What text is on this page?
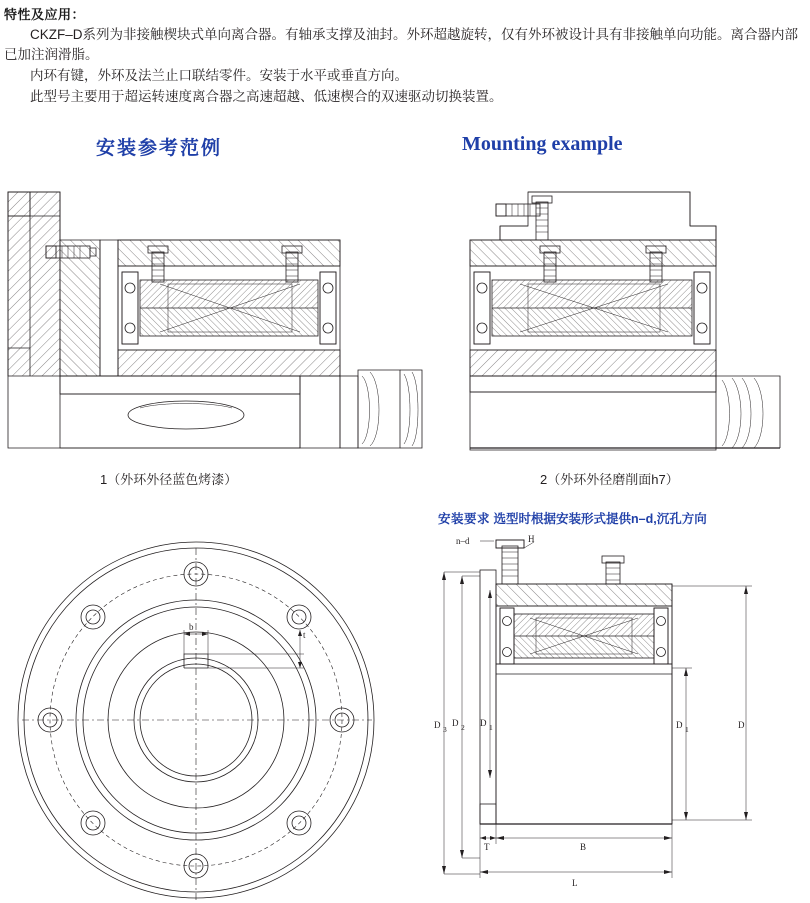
特性及应用：
CKZF–D系列为非接触楔块式单向离合器。有轴承支撑及油封。外环超越旋转，仅有外环被设计具有非接触单向功能。离合器内部已加注润滑脂。
内环有键，外环及法兰止口联结零件。安装于水平或垂直方向。
此型号主要用于超运转速度离合器之高速超越、低速楔合的双速驱动切换装置。
安装参考范例	Mounting example
1（外环外径蓝色烤漆）	2（外环外径磨削面h7）
安装要求 选型时根据安装形式提供n–d,沉孔方向
b
t
n–d	H
D 3
D 2 D 1	D 1	D
T	B
L
